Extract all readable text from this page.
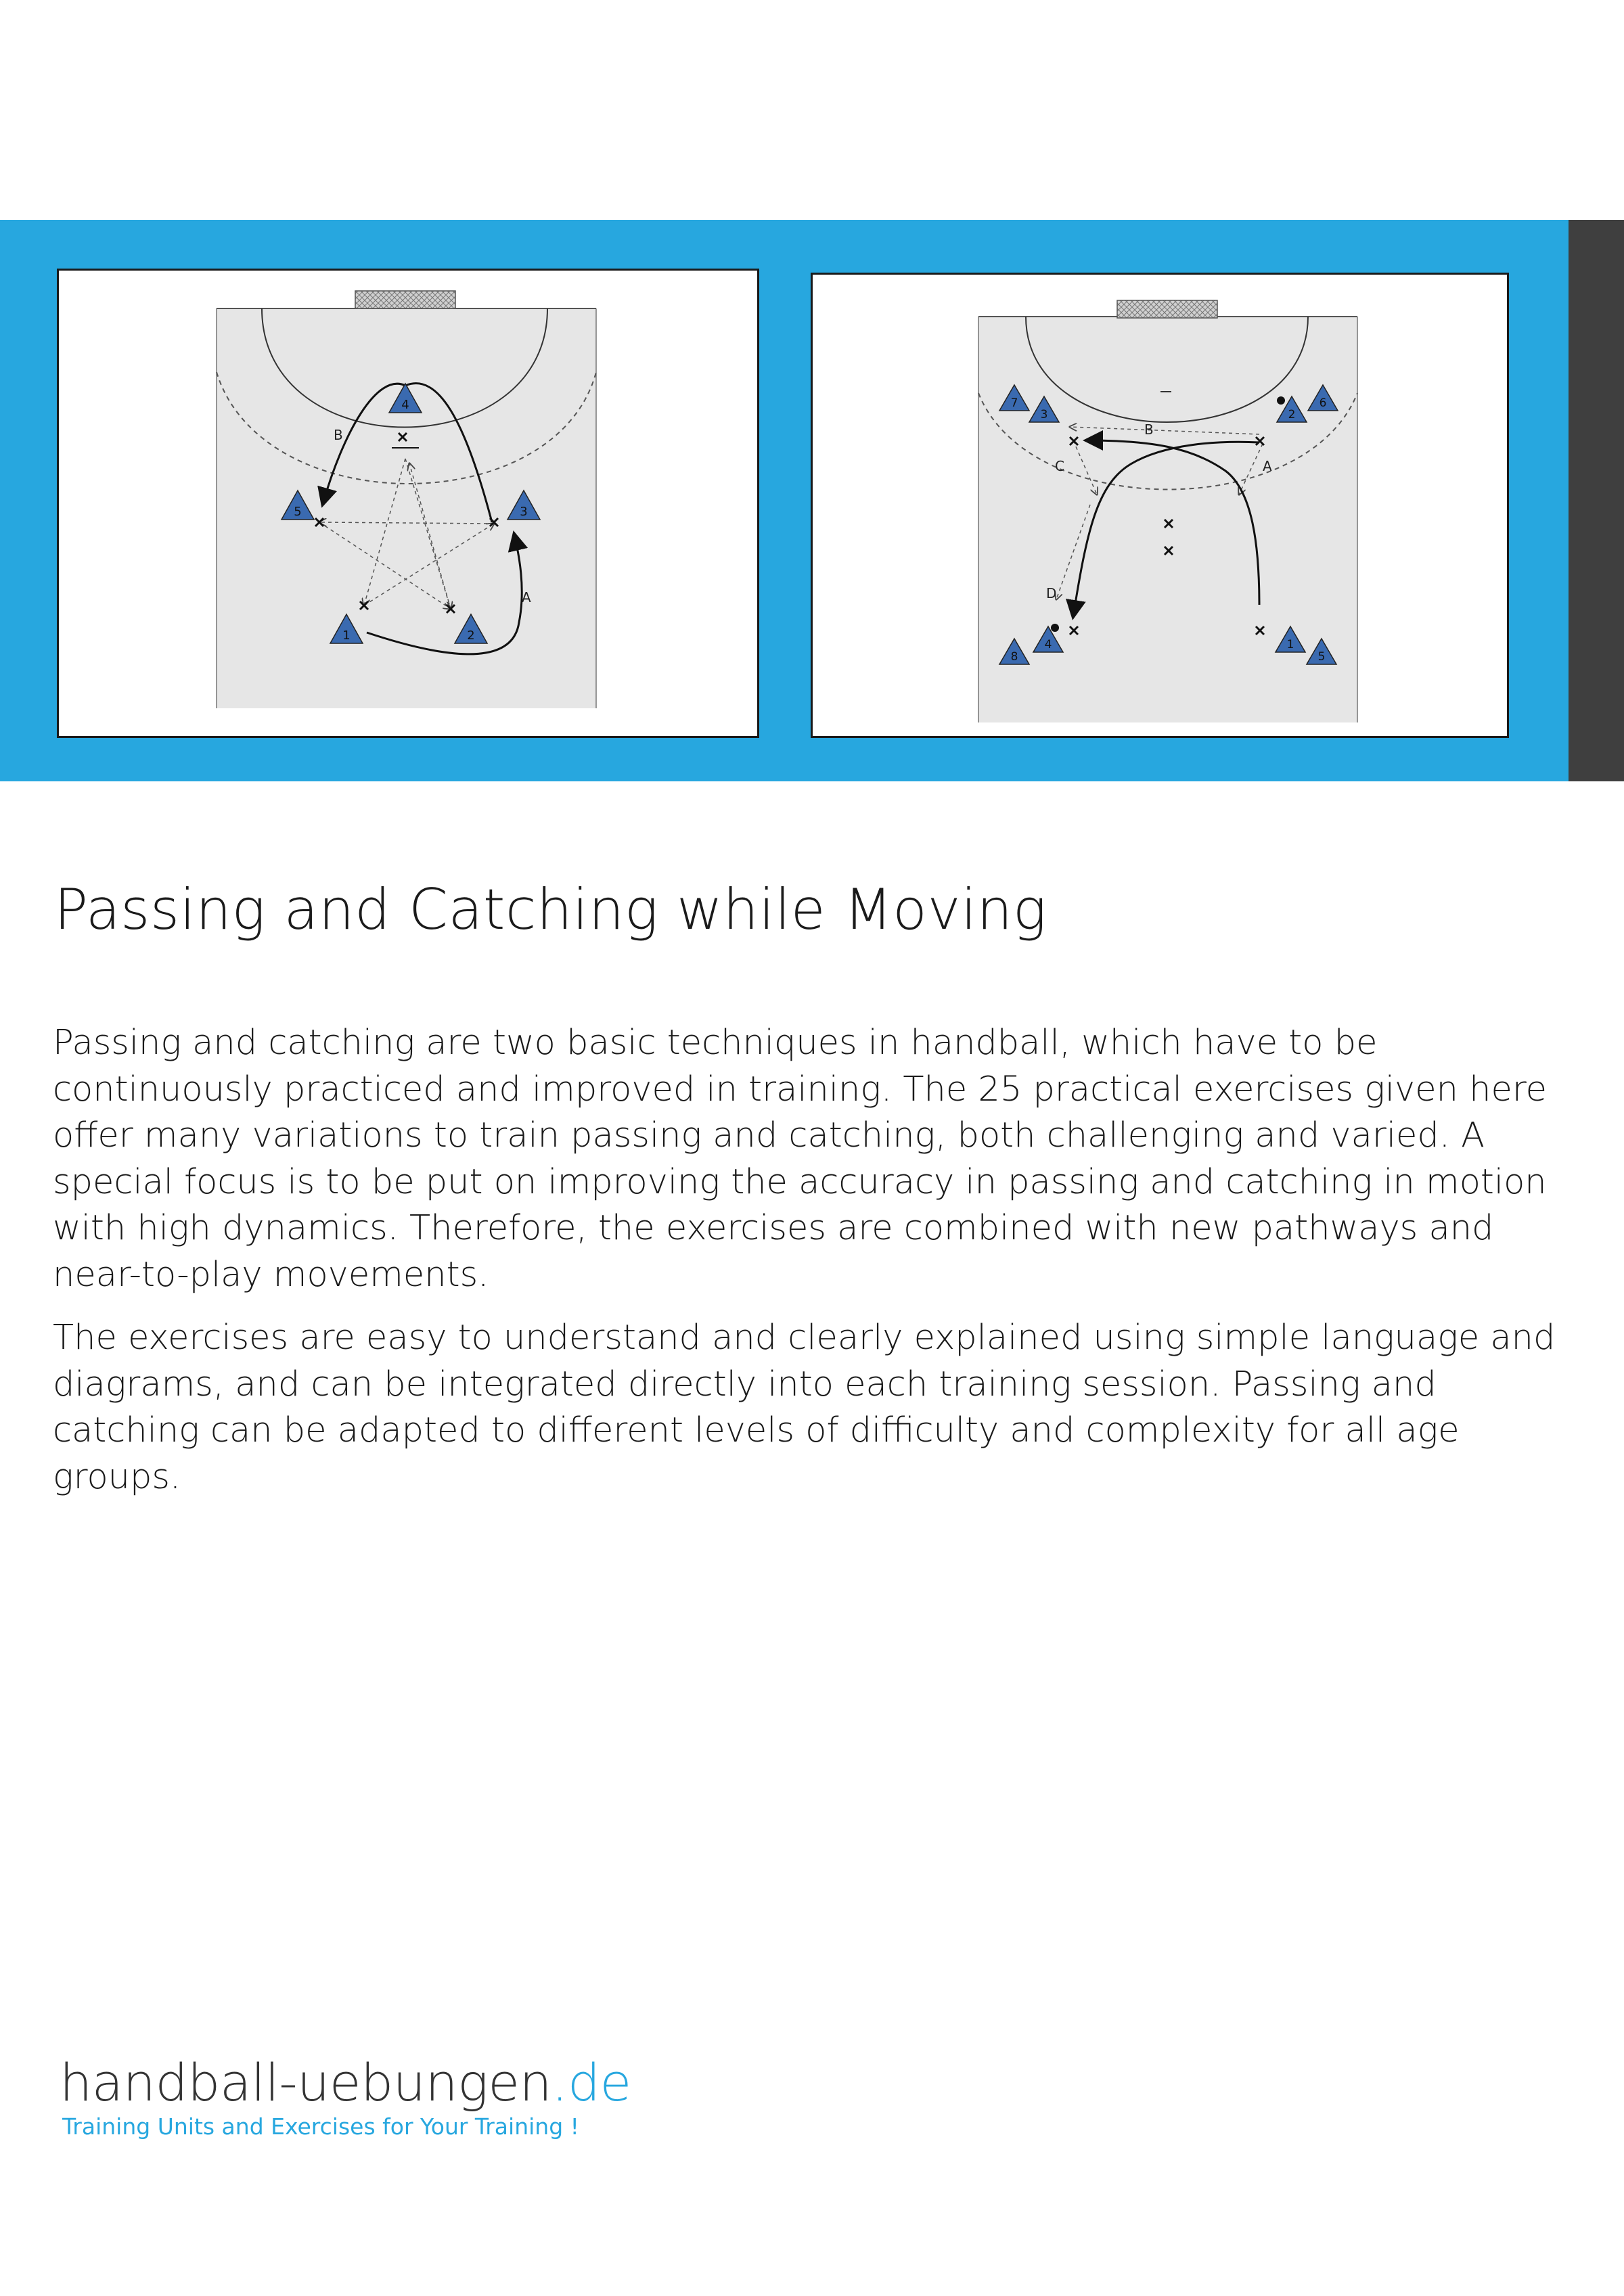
B
A
4
5	3
1	2
B
C	A
D
7
3	2
6
4
8
1
5
Passing and Catching while Moving
Passing and catching are two basic techniques in handball, which have to be
continuously practiced and improved in training. The 25 practical exercises given here
offer many variations to train passing and catching, both challenging and varied. A
special focus is to be put on improving the accuracy in passing and catching in motion
with high dynamics. Therefore, the exercises are combined with new pathways and
near-to-play movements.
The exercises are easy to understand and clearly explained using simple language and
diagrams, and can be integrated directly into each training session. Passing and
catching can be adapted to different levels of difficulty and complexity for all age
groups.
handball-uebungen.de
Training Units and Exercises for Your Training !
